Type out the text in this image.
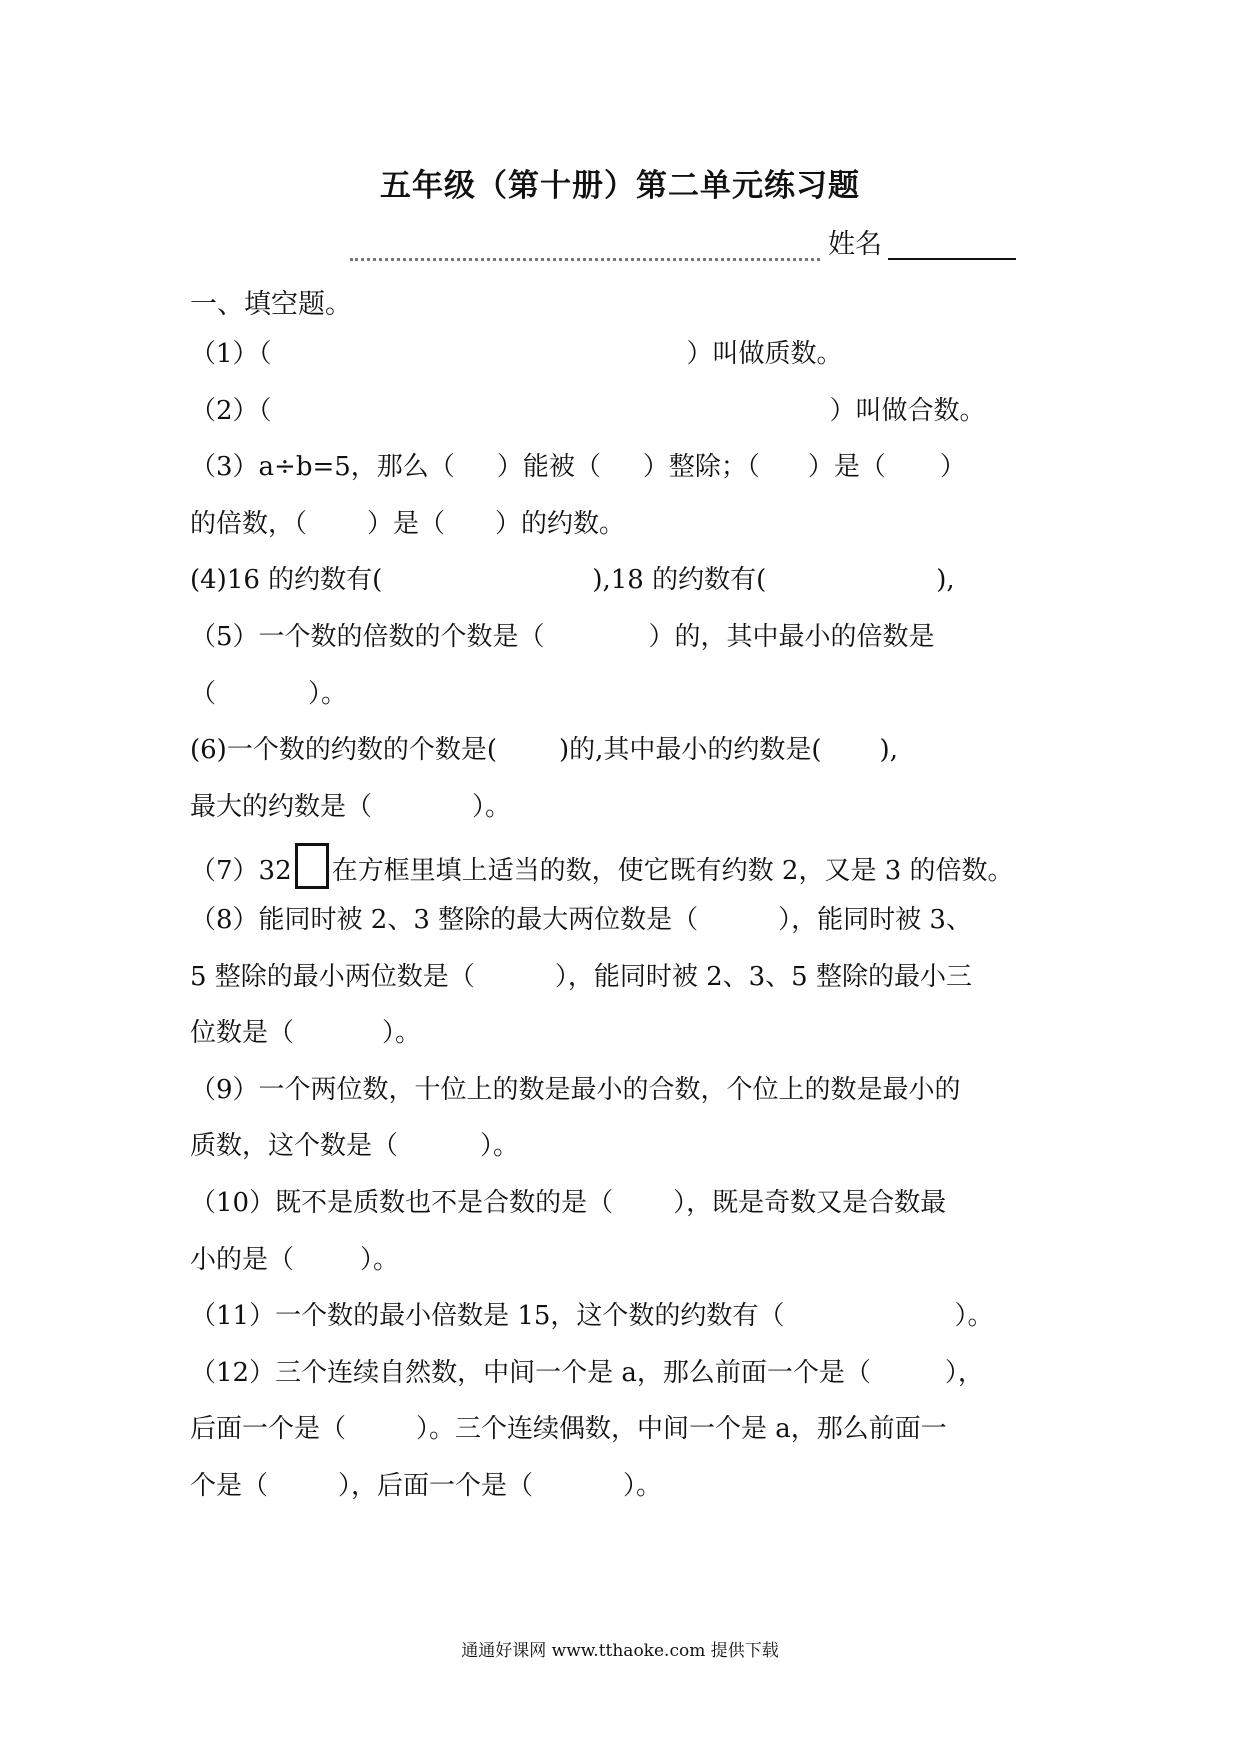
五年级（第十册）第二单元练习题
姓名
一、填空题。
（1）（	）叫做质数。
（2）（	）叫做合数。
（3）a÷b=5，那么（ ）能被（ ）整除；（ ）是（ ）
的倍数，（ ）是（ ）的约数。
(4)16 的约数有(	),18 的约数有(	),
（5）一个数的倍数的个数是（	）的，其中最小的倍数是
（	）。
(6)一个数的约数的个数是( )的,其中最小的约数是( ),
最大的约数是（	）。
（7）32 在方框里填上适当的数，使它既有约数 2，又是 3 的倍数。
（8）能同时被 2、3 整除的最大两位数是（	），能同时被 3、
5 整除的最小两位数是（	），能同时被 2、3、5 整除的最小三
位数是（	）。
（9）一个两位数，十位上的数是最小的合数，个位上的数是最小的
质数，这个数是（	）。
（10）既不是质数也不是合数的是（ ），既是奇数又是合数最
小的是（	）。
（11）一个数的最小倍数是 15，这个数的约数有（	）。
（12）三个连续自然数，中间一个是 a，那么前面一个是（	），
后面一个是（	）。三个连续偶数，中间一个是 a，那么前面一
个是（	），后面一个是（	）。
通通好课网 www.tthaoke.com 提供下载
